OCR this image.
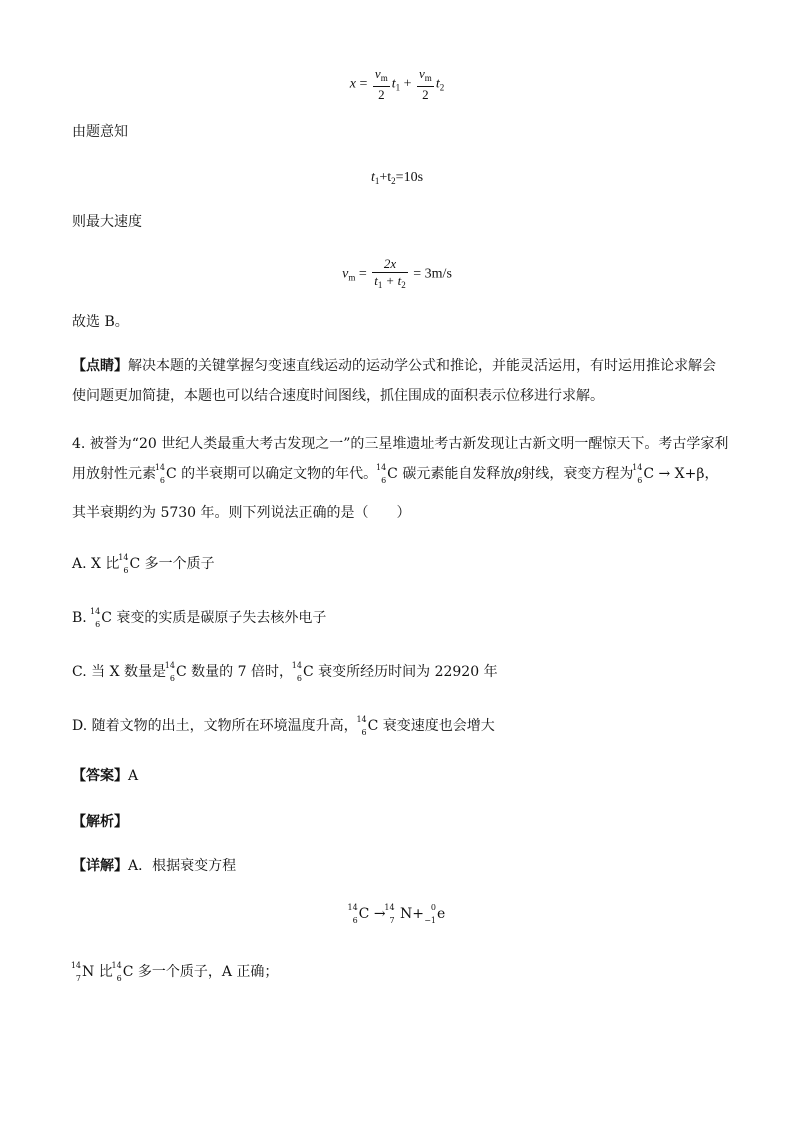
$x = \frac{v_m}{2} t_1 + \frac{v_m}{2} t_2$
由题意知
$t_1+t_2=10s$
则最大速度
$v_m = \frac{2x}{t_1 + t_2} = 3m/s$
故选 B。
【点睛】解决本题的关键掌握匀变速直线运动的运动学公式和推论，并能灵活运用，有时运用推论求解会
使问题更加简捷，本题也可以结合速度时间图线，抓住围成的面积表示位移进行求解。
4. 被誉为“20 世纪人类最重大考古发现之一”的三星堆遗址考古新发现让古新文明一醒惊天下。考古学家利
用放射性元素
14
6 C 的半衰期可以确定文物的年代。
14
6 C 碳元素能自发释放β射线，衰变方程为
14
6 C → X+β，
其半衰期约为 5730 年。则下列说法正确的是（　　）
A. X 比
14
6 C 多一个质子
B. 14
6 C 衰变的实质是碳原子失去核外电子
C. 当 X 数量是
14
6 C 数量的 7 倍时，
14
6 C 衰变所经历时间为 22920 年
D. 随着文物的出土，文物所在环境温度升高，
14
6 C 衰变速度也会增大
【答案】A
【解析】
【详解】A．根据衰变方程
14
6 C →
14
7 N+ 0
−1 e
14
7 N 比
14
6 C 多一个质子，A 正确；
